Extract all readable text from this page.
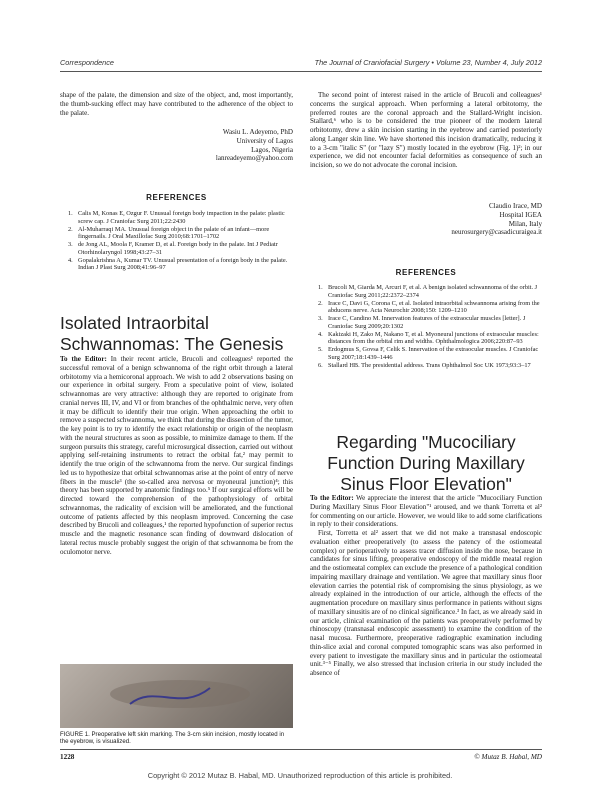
Correspondence	The Journal of Craniofacial Surgery • Volume 23, Number 4, July 2012

shape of the palate, the dimension and size of the object, and, most importantly, the thumb-sucking effect may have contributed to the adherence of the object to the palate.

Wasiu L. Adeyemo, PhD
University of Lagos
Lagos, Nigeria
lanreadeyemo@yahoo.com
REFERENCES
1. Calis M, Konas E, Ozgur F. Unusual foreign body impaction in the palate: plastic screw cap. J Craniofac Surg 2011;22:2430
2. Al-Muharraqi MA. Unusual foreign object in the palate of an infant—more fingernails. J Oral Maxillofac Surg 2010;68:1701–1702
3. de Jong AL, Moola F, Kramer D, et al. Foreign body in the palate. Int J Pediatr Otorhinolaryngol 1998;43:27–31
4. Gopalakrishna A, Kumar TV. Unusual presentation of a foreign body in the palate. Indian J Plast Surg 2008;41:96–97
Isolated Intraorbital Schwannomas: The Genesis

To the Editor: In their recent article, Brucoli and colleagues¹ reported the successful removal of a benign schwannoma of the right orbit through a lateral orbitotomy via a hemicoronal approach. We wish to add 2 observations basing on our experience in orbital surgery. From a speculative point of view, isolated schwannomas are very attractive: although they are reported to originate from cranial nerves III, IV, and VI or from branches of the ophthalmic nerve, very often it may be difficult to identify their true origin. When approaching the orbit to remove a suspected schwannoma, we think that during the dissection of the tumor, the key point is to try to identify the exact relationship or origin of the neoplasm with the neural structures as soon as possible, to minimize damage to them. If the surgeon pursuits this strategy, careful microsurgical dissection, carried out without applying self-retaining instruments to retract the orbital fat,² may permit to identify the true origin of the schwannoma from the nerve. Our surgical findings led us to hypothesize that orbital schwannomas arise at the point of entry of nerve fibers in the muscle³ (the so-called area nervosa or myoneural junction)⁴; this theory has been supported by anatomic findings too.⁵ If our surgical efforts will be directed toward the comprehension of the pathophysiology of orbital schwannomas, the radicality of excision will be ameliorated, and the functional outcome of patients affected by this neoplasm improved. Concerning the case described by Brucoli and colleagues,¹ the reported hypofunction of superior rectus muscle and the magnetic resonance scan finding of downward dislocation of lateral rectus muscle probably suggest the origin of that schwannoma be from the oculomotor nerve.

FIGURE 1. Preoperative left skin marking. The 3-cm skin incision, mostly located in the eyebrow, is visualized.

The second point of interest raised in the article of Brucoli and colleagues¹ concerns the surgical approach. When performing a lateral orbitotomy, the preferred routes are the coronal approach and the Stallard-Wright incision. Stallard,⁶ who is to be considered the true pioneer of the modern lateral orbitotomy, drew a skin incision starting in the eyebrow and carried posteriorly along Langer skin line. We have shortened this incision dramatically, reducing it to a 3-cm "italic S" (or "lazy S") mostly located in the eyebrow (Fig. 1)²; in our experience, we did not encounter facial deformities as consequence of such an incision, so we do not advocate the coronal incision.

Claudio Irace, MD
Hospital IGEA
Milan, Italy
neurosurgery@casadicuraigea.it
REFERENCES
1. Brucoli M, Giarda M, Arcuri F, et al. A benign isolated schwannoma of the orbit. J Craniofac Surg 2011;22:2372–2374
2. Irace C, Davi G, Corona C, et al. Isolated intraorbital schwannoma arising from the abducens nerve. Acta Neurochir 2008;150: 1209–1210
3. Irace C, Candino M. Innervation features of the extraocular muscles [letter]. J Craniofac Surg 2009;20:1302
4. Kakizaki H, Zako M, Nakano T, et al. Myoneural junctions of extraocular muscles: distances from the orbital rim and widths. Ophthalmologica 2006;220:87–93
5. Erdogmus S, Govsa F, Celik S. Innervation of the extraocular muscles. J Craniofac Surg 2007;18:1439–1446
6. Stallard HB. The presidential address. Trans Ophthalmol Soc UK 1973;93:3–17
Regarding "Mucociliary Function During Maxillary Sinus Floor Elevation"

To the Editor: We appreciate the interest that the article "Mucociliary Function During Maxillary Sinus Floor Elevation"¹ aroused, and we thank Torretta et al² for commenting on our article. However, we would like to add some clarifications in reply to their considerations.

First, Torretta et al² assert that we did not make a transnasal endoscopic evaluation either preoperatively (to assess the patency of the ostiomeatal complex) or perioperatively to assess tracer diffusion inside the nose, because in candidates for sinus lifting, preoperative endoscopy of the middle meatal region and the ostiomeatal complex can exclude the presence of a pathological condition impairing maxillary drainage and ventilation. We agree that maxillary sinus floor elevation carries the potential risk of compromising the sinus physiology, as we already explained in the introduction of our article, although the effects of the augmentation procedure on maxillary sinus performance in patients without signs of maxillary sinusitis are of no clinical significance.³ In fact, as we already said in our article, clinical examination of the patients was preoperatively performed by rhinoscopy (transnasal endoscopic assessment) to examine the condition of the nasal mucosa. Furthermore, preoperative radiographic examination including thin-slice axial and coronal computed tomographic scans was also performed in every patient to investigate the maxillary sinus and in particular the ostiomeatal unit.³⁻⁵ Finally, we also stressed that inclusion criteria in our study included the absence of

1228	© Mutaz B. Habal, MD
Copyright © 2012 Mutaz B. Habal, MD. Unauthorized reproduction of this article is prohibited.
